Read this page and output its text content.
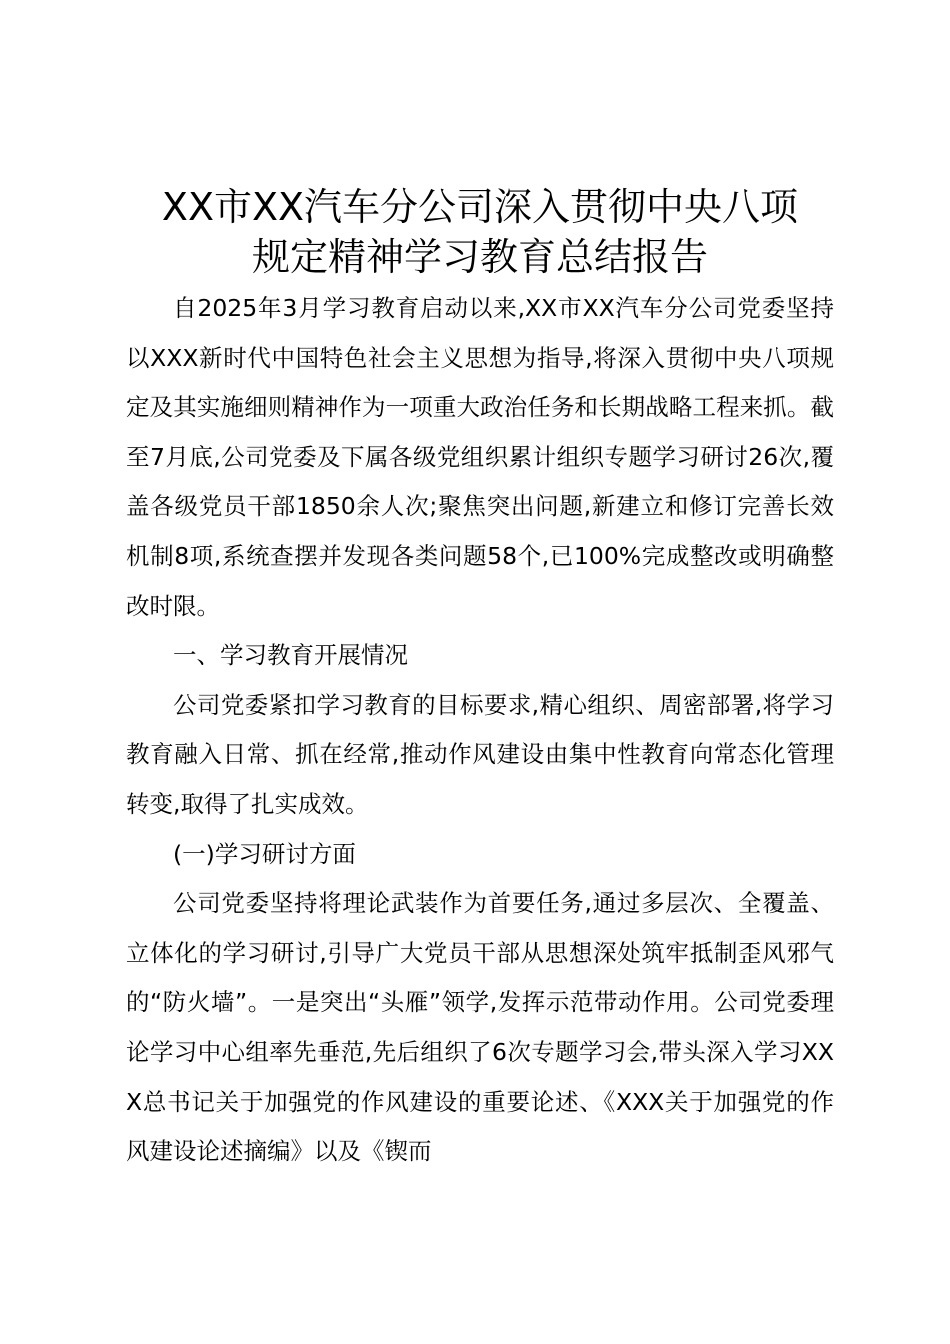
XX市XX汽车分公司深入贯彻中央八项
规定精神学习教育总结报告

自2025年3月学习教育启动以来,XX市XX汽车分公司党委坚持以XXX新时代中国特色社会主义思想为指导,将深入贯彻中央八项规定及其实施细则精神作为一项重大政治任务和长期战略工程来抓。截至7月底,公司党委及下属各级党组织累计组织专题学习研讨26次,覆盖各级党员干部1850余人次;聚焦突出问题,新建立和修订完善长效机制8项,系统查摆并发现各类问题58个,已100%完成整改或明确整改时限。

一、学习教育开展情况

公司党委紧扣学习教育的目标要求,精心组织、周密部署,将学习教育融入日常、抓在经常,推动作风建设由集中性教育向常态化管理转变,取得了扎实成效。

(一)学习研讨方面

公司党委坚持将理论武装作为首要任务,通过多层次、全覆盖、立体化的学习研讨,引导广大党员干部从思想深处筑牢抵制歪风邪气的“防火墙”。一是突出“头雁”领学,发挥示范带动作用。公司党委理论学习中心组率先垂范,先后组织了6次专题学习会,带头深入学习XXX总书记关于加强党的作风建设的重要论述、《XXX关于加强党的作风建设论述摘编》以及《锲而
